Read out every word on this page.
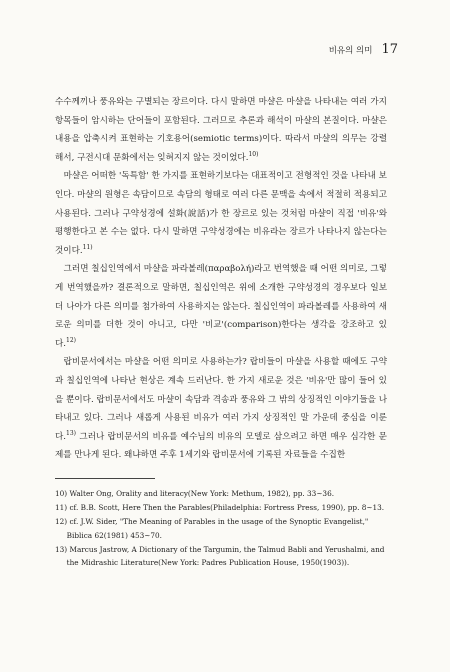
비유의 의미 17

수수께끼나 풍유와는 구별되는 장르이다. 다시 말하면 마샬은 마샬을 나타내는 여러 가지 항목들이 암시하는 단어들이 포함된다. 그러므로 추론과 해석이 마샬의 본질이다. 마샬은 내용을 압축시켜 표현하는 기호용어(semiotic terms)이다. 따라서 마샬의 의무는 강렬해서, 구전시대 문화에서는 잊혀지지 않는 것이었다.$^{10)}$

마샬은 어떠한 '독특함' 한 가지를 표현하기보다는 대표적이고 전형적인 것을 나타내 보인다. 마샬의 원형은 속담이므로 속담의 형태로 여러 다른 문맥을 속에서 적절히 적용되고 사용된다. 그러나 구약성경에 설화(說話)가 한 장르로 있는 것처럼 마샬이 직접 '비유'와 평행한다고 본 수는 없다. 다시 말하면 구약성경에는 비유라는 장르가 나타나지 않는다는 것이다.$^{11)}$

그러면 칠십인역에서 마샬을 파라볼레(παραβολή)라고 번역했을 때 어떤 의미로, 그렇게 번역했을까? 결론적으로 말하면, 칠십인역은 위에 소개한 구약성경의 경우보다 일보 더 나아가 다른 의미를 첨가하여 사용하지는 않는다. 칠십인역이 파라볼레를 사용하여 새로운 의미를 더한 것이 아니고, 다만 '비교'(comparison)한다는 생각을 강조하고 있다.$^{12)}$

랍비문서에서는 마샬을 어떤 의미로 사용하는가? 랍비들이 마샬을 사용할 때에도 구약과 칠십인역에 나타난 현상은 계속 드러난다. 한 가지 새로운 것은 '비유'만 많이 들어 있을 뿐이다. 랍비문서에서도 마샬이 속담과 격송과 풍유와 그 밖의 상징적인 이야기들을 나타내고 있다. 그러나 새롭게 사용된 비유가 여러 가지 상징적인 말 가운데 중심을 이룬다.$^{13)}$ 그러나 랍비문서의 비유를 예수님의 비유의 모델로 삼으려고 하면 매우 심각한 문제를 만나게 된다. 왜냐하면 주후 1세기와 랍비문서에 기록된 자료들을 수집한

10) Walter Ong, Orality and literacy(New York: Methum, 1982), pp. 33~36.

11) cf. B.B. Scott, Here Then the Parables(Philadelphia: Fortress Press, 1990), pp. 8~13.

12) cf. J.W. Sider, "The Meaning of Parables in the usage of the Synoptic Evangelist," Biblica 62(1981) 453~70.

13) Marcus Jastrow, A Dictionary of the Targumin, the Talmud Babli and Yerushalmi, and the Midrashic Literature(New York: Padres Publication House, 1950(1903)).
